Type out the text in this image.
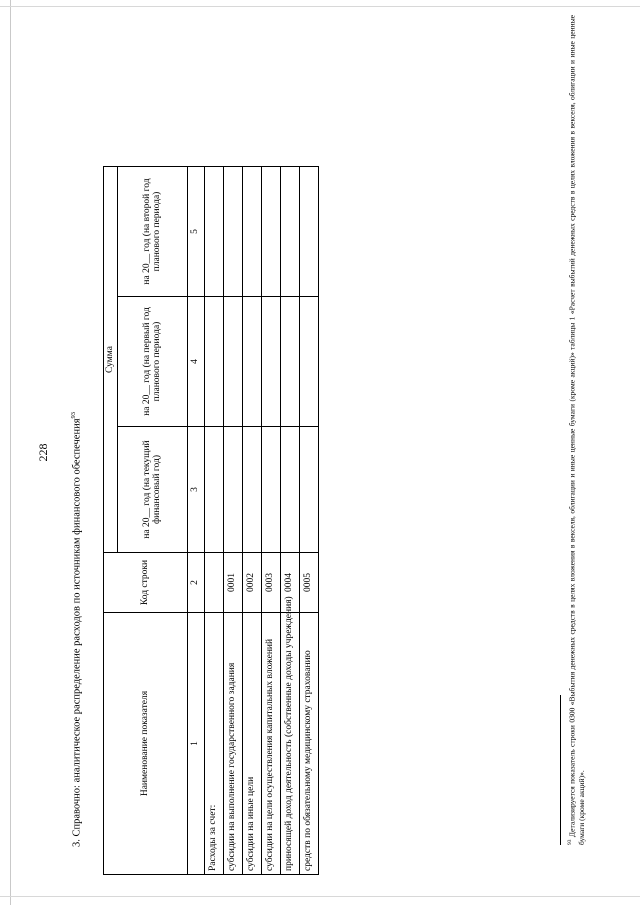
228 3. Справочно: аналитическое распределение расходов по источникам финансового обеспечения$^{93}$
Наименование показателя	Код строки	Сумма		
		на 20__ год (на текущий финансовый год)	на 20__ год (на первый год планового периода)	на 20__ год (на второй год планового периода)
1	2	3	4	5
Расходы за счет:				
субсидии на выполнение государственного задания	0001			
субсидии на иные цели	0002			
субсидии на цели осуществления капитальных вложений	0003			
приносящей доход деятельность (собственные доходы учреждения)	0004			
средств по обязательному медицинскому страхованию	0005			
$^{93}$ Детализируется показатель строки 0300 «Выбытия денежных средств в целях вложения в векселя, облигации и иные ценные бумаги (кроме акций)» таблицы 1 «Расчет выбытий денежных средств в целях вложения в векселя, облигации и иные ценные бумаги (кроме акций)».
